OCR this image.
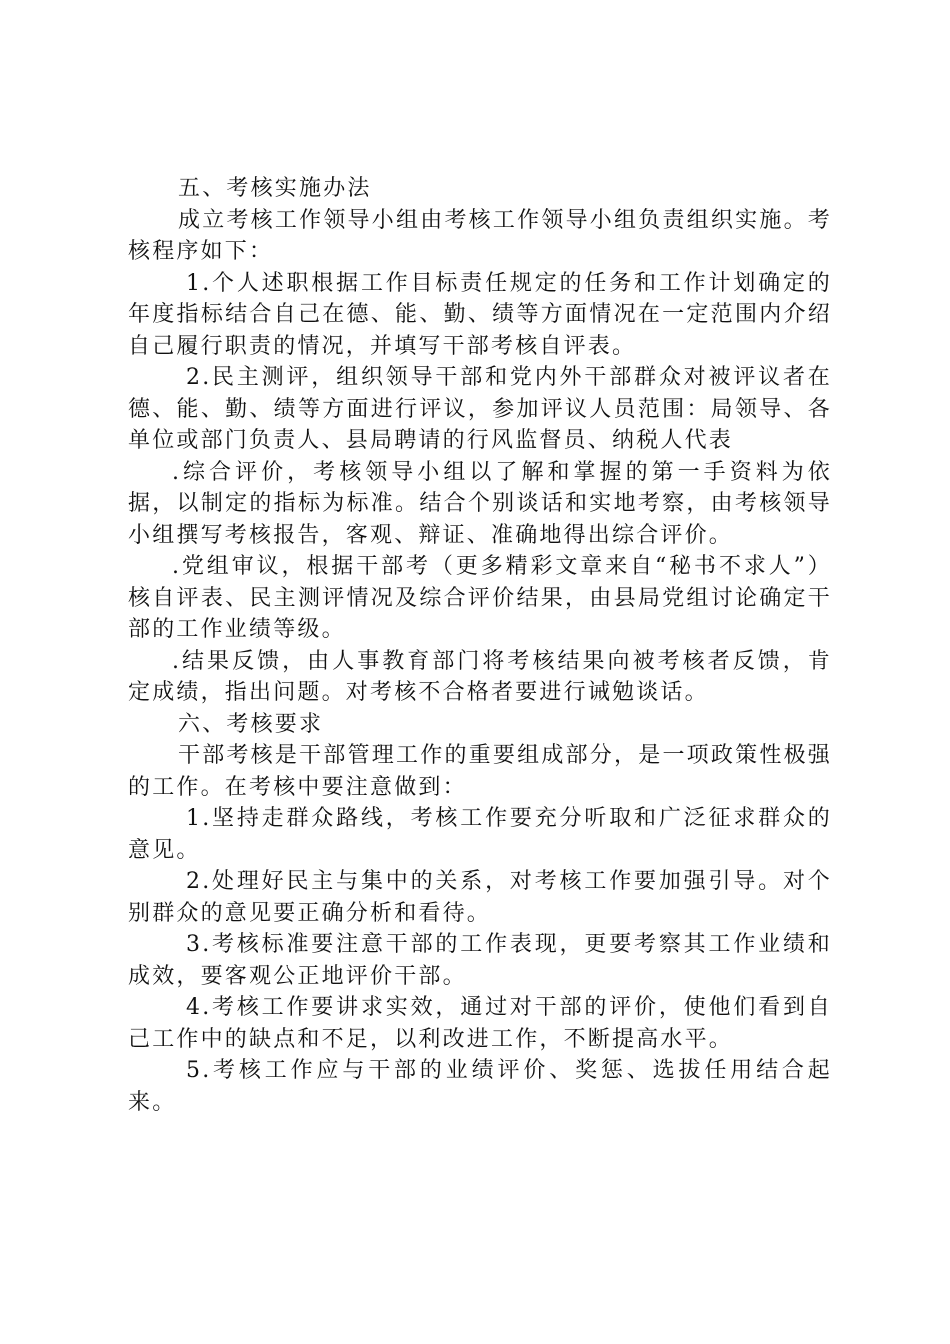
五、考核实施办法

成立考核工作领导小组由考核工作领导小组负责组织实施。考核程序如下：

1.个人述职根据工作目标责任规定的任务和工作计划确定的年度指标结合自己在德、能、勤、绩等方面情况在一定范围内介绍自己履行职责的情况，并填写干部考核自评表。

2.民主测评，组织领导干部和党内外干部群众对被评议者在德、能、勤、绩等方面进行评议，参加评议人员范围：局领导、各单位或部门负责人、县局聘请的行风监督员、纳税人代表

.综合评价，考核领导小组以了解和掌握的第一手资料为依据，以制定的指标为标准。结合个别谈话和实地考察，由考核领导小组撰写考核报告，客观、辩证、准确地得出综合评价。

.党组审议，根据干部考（更多精彩文章来自“秘书不求人”）核自评表、民主测评情况及综合评价结果，由县局党组讨论确定干部的工作业绩等级。

.结果反馈，由人事教育部门将考核结果向被考核者反馈，肯定成绩，指出问题。对考核不合格者要进行诫勉谈话。

六、考核要求

干部考核是干部管理工作的重要组成部分，是一项政策性极强的工作。在考核中要注意做到：

1.坚持走群众路线，考核工作要充分听取和广泛征求群众的意见。

2.处理好民主与集中的关系，对考核工作要加强引导。对个别群众的意见要正确分析和看待。

3.考核标准要注意干部的工作表现，更要考察其工作业绩和成效，要客观公正地评价干部。

4.考核工作要讲求实效，通过对干部的评价，使他们看到自己工作中的缺点和不足，以利改进工作，不断提高水平。

5.考核工作应与干部的业绩评价、奖惩、选拔任用结合起来。
